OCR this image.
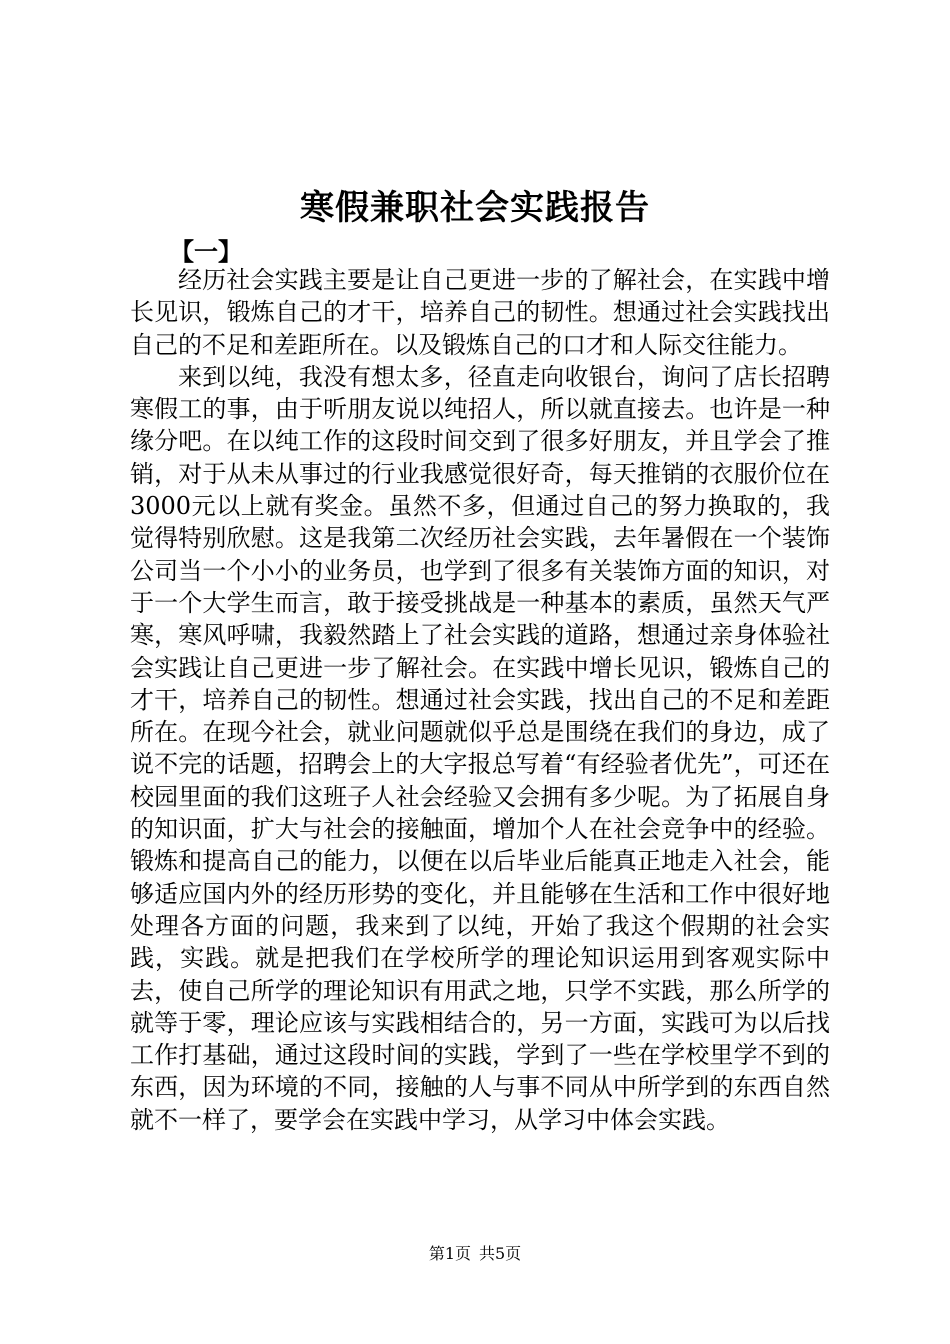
寒假兼职社会实践报告
【一】

经历社会实践主要是让自己更进一步的了解社会，在实践中增长见识，锻炼自己的才干，培养自己的韧性。想通过社会实践找出自己的不足和差距所在。以及锻炼自己的口才和人际交往能力。

来到以纯，我没有想太多，径直走向收银台，询问了店长招聘寒假工的事，由于听朋友说以纯招人，所以就直接去。也许是一种缘分吧。在以纯工作的这段时间交到了很多好朋友，并且学会了推销，对于从未从事过的行业我感觉很好奇，每天推销的衣服价位在3000元以上就有奖金。虽然不多，但通过自己的努力换取的，我觉得特别欣慰。这是我第二次经历社会实践，去年暑假在一个装饰公司当一个小小的业务员，也学到了很多有关装饰方面的知识，对于一个大学生而言，敢于接受挑战是一种基本的素质，虽然天气严寒，寒风呼啸，我毅然踏上了社会实践的道路，想通过亲身体验社会实践让自己更进一步了解社会。在实践中增长见识，锻炼自己的才干，培养自己的韧性。想通过社会实践，找出自己的不足和差距所在。在现今社会，就业问题就似乎总是围绕在我们的身边，成了说不完的话题，招聘会上的大字报总写着“有经验者优先”，可还在校园里面的我们这班子人社会经验又会拥有多少呢。为了拓展自身的知识面，扩大与社会的接触面，增加个人在社会竞争中的经验。锻炼和提高自己的能力，以便在以后毕业后能真正地走入社会，能够适应国内外的经历形势的变化，并且能够在生活和工作中很好地处理各方面的问题，我来到了以纯，开始了我这个假期的社会实践，实践。就是把我们在学校所学的理论知识运用到客观实际中去，使自己所学的理论知识有用武之地，只学不实践，那么所学的就等于零，理论应该与实践相结合的，另一方面，实践可为以后找工作打基础，通过这段时间的实践，学到了一些在学校里学不到的东西，因为环境的不同，接触的人与事不同从中所学到的东西自然就不一样了，要学会在实践中学习，从学习中体会实践。

第1页 共5页
